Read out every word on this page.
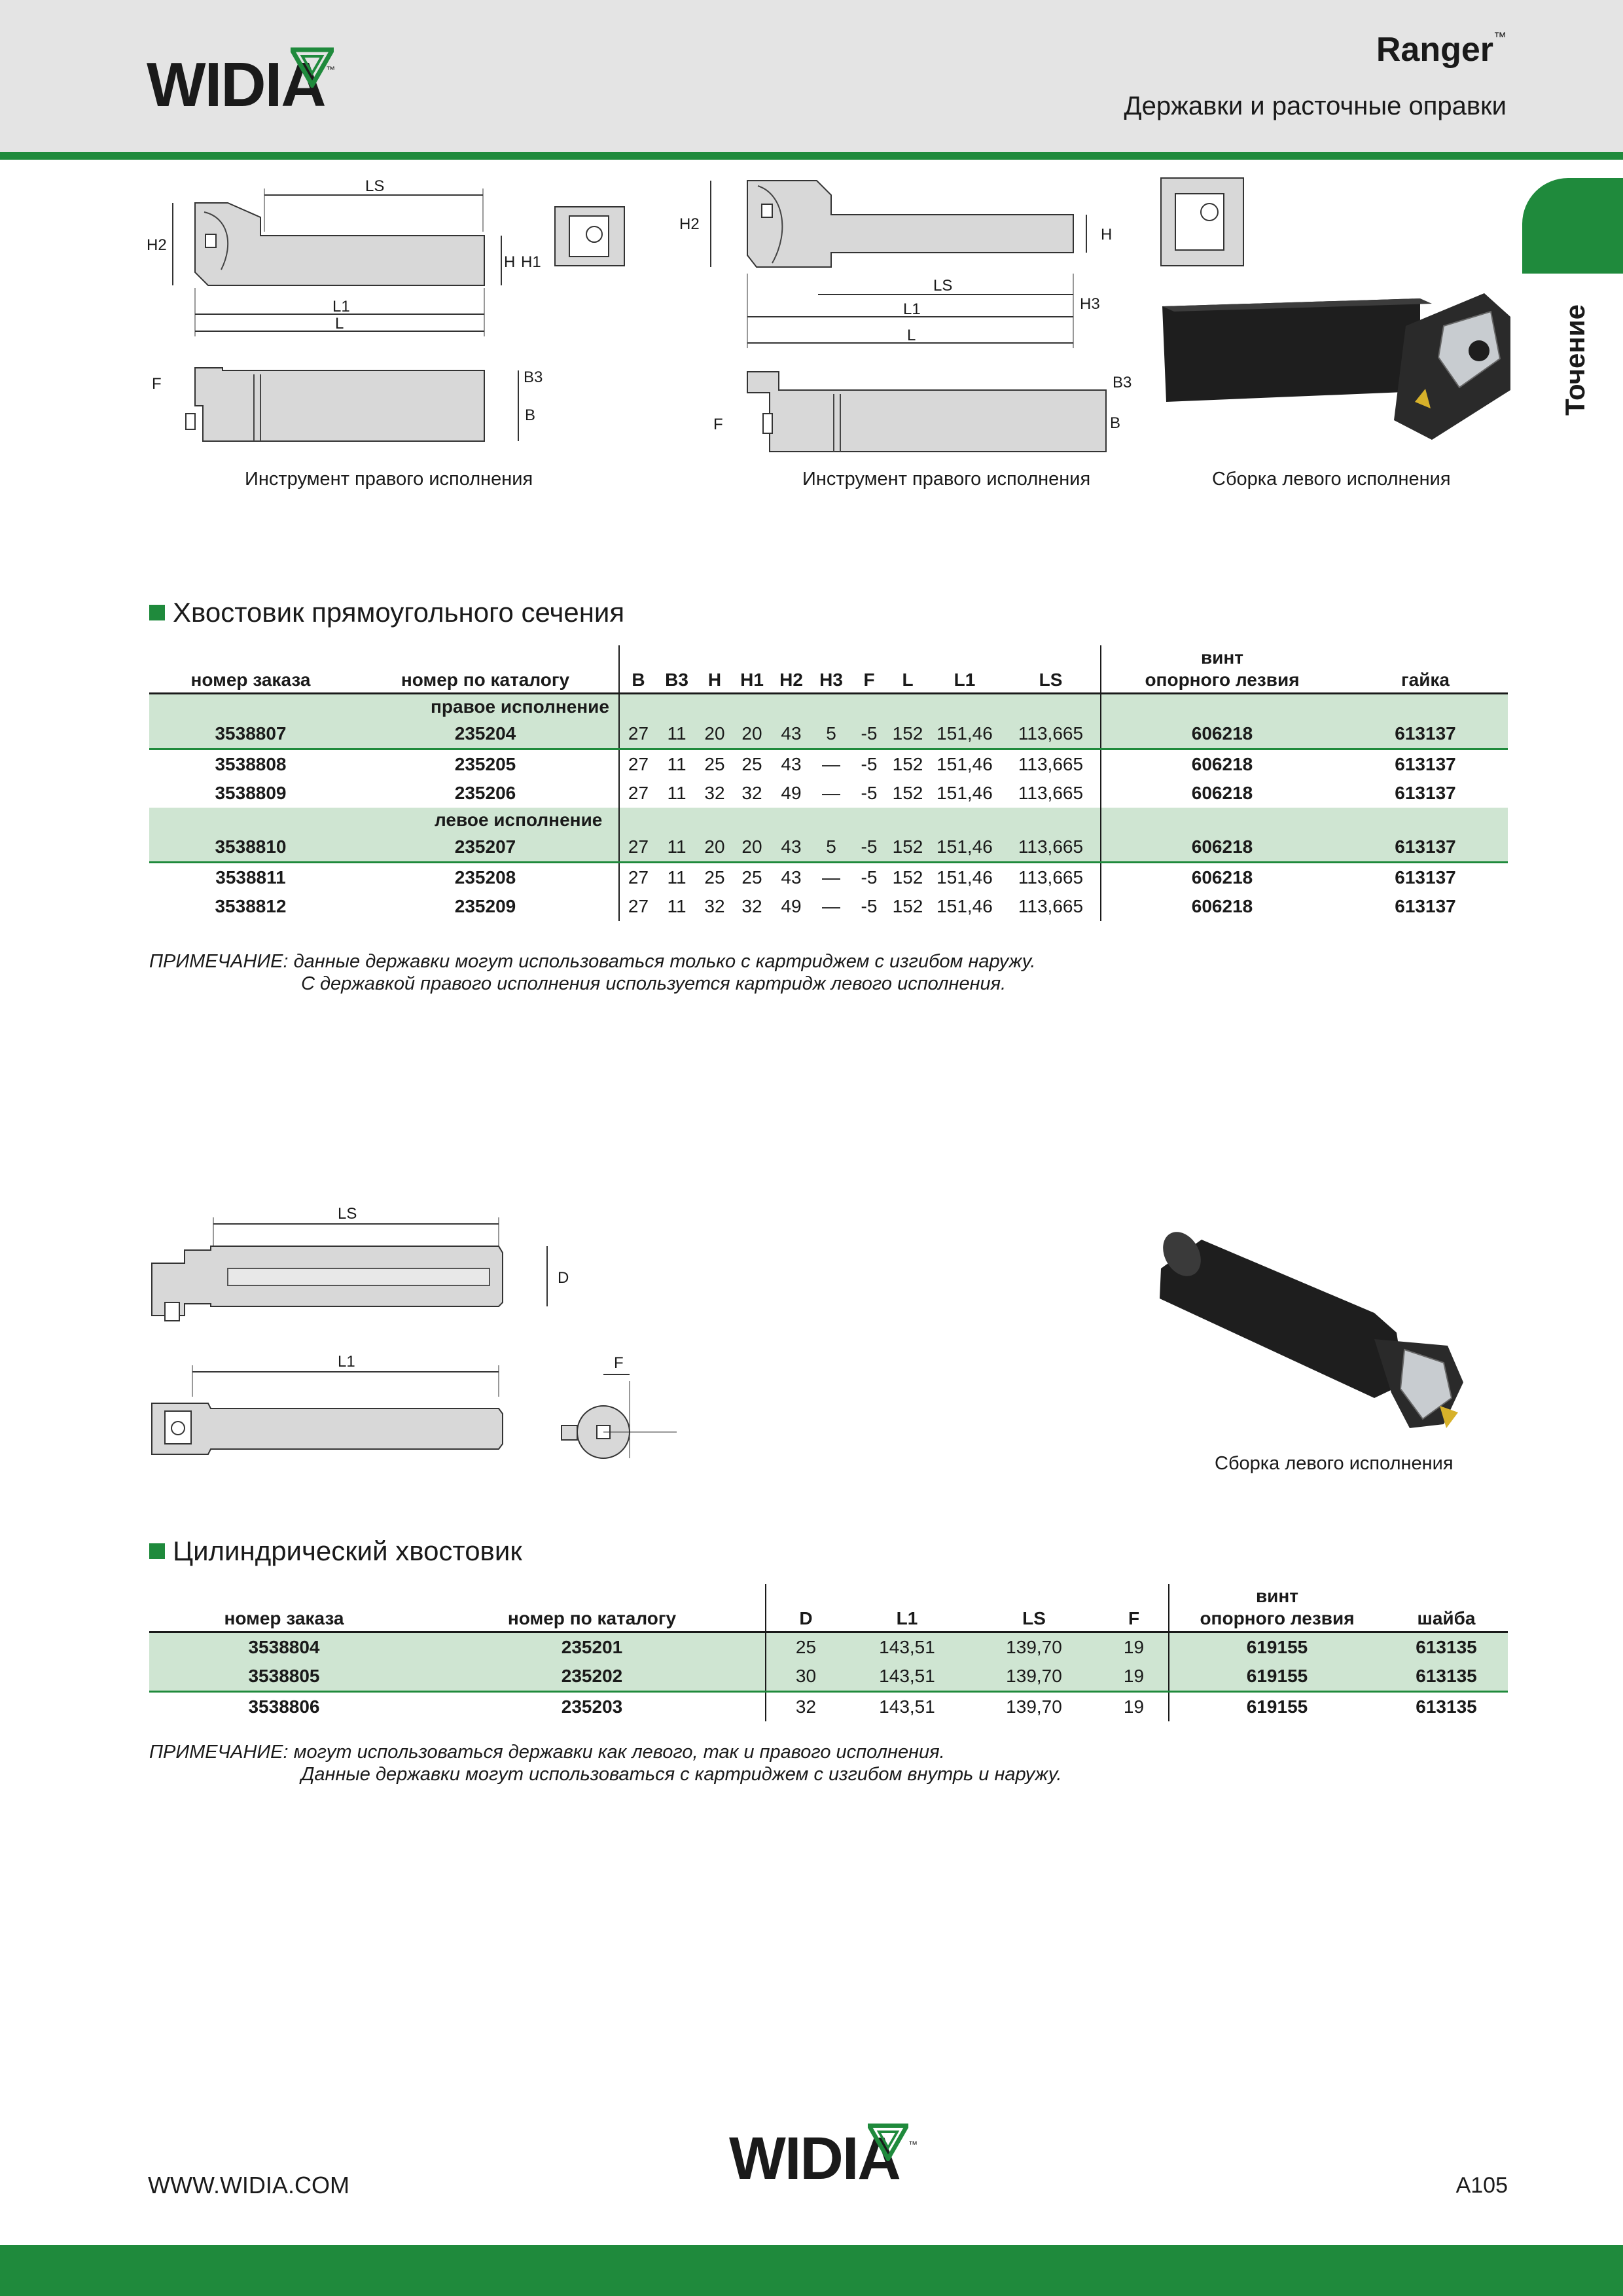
WIDIA ™
Ranger™
Державки и расточные оправки
Точение
LS
L1
L
H2
H H1
F	B3
B
H2
H
LS
H3
L1
L
F
B3
B
Инструмент правого исполнения	Инструмент правого исполнения	Сборка левого исполнения
Хвостовик прямоугольного сечения
номер заказа	номер по каталогу	B	B3	H	H1	H2	H3	F	L	L1	LS	винт
опорного лезвия	гайка
	правое исполнение												
3538807	235204	27	11	20	20	43	5	-5	152	151,46	113,665	606218	613137
3538808	235205	27	11	25	25	43	—	-5	152	151,46	113,665	606218	613137
3538809	235206	27	11	32	32	49	—	-5	152	151,46	113,665	606218	613137
	левое исполнение												
3538810	235207	27	11	20	20	43	5	-5	152	151,46	113,665	606218	613137
3538811	235208	27	11	25	25	43	—	-5	152	151,46	113,665	606218	613137
3538812	235209	27	11	32	32	49	—	-5	152	151,46	113,665	606218	613137
ПРИМЕЧАНИЕ: данные державки могут использоваться только с картриджем с изгибом наружу.
С державкой правого исполнения используется картридж левого исполнения.
LS
D
L1	F
Сборка левого исполнения
Цилиндрический хвостовик
номер заказа	номер по каталогу	D	L1	LS	F	винт
опорного лезвия	шайба
3538804	235201	25	143,51	139,70	19	619155	613135
3538805	235202	30	143,51	139,70	19	619155	613135
3538806	235203	32	143,51	139,70	19	619155	613135
ПРИМЕЧАНИЕ: могут использоваться державки как левого, так и правого исполнения.
Данные державки могут использоваться с картриджем с изгибом внутрь и наружу.
WWW.WIDIA.COM	WIDIA ™
A105
